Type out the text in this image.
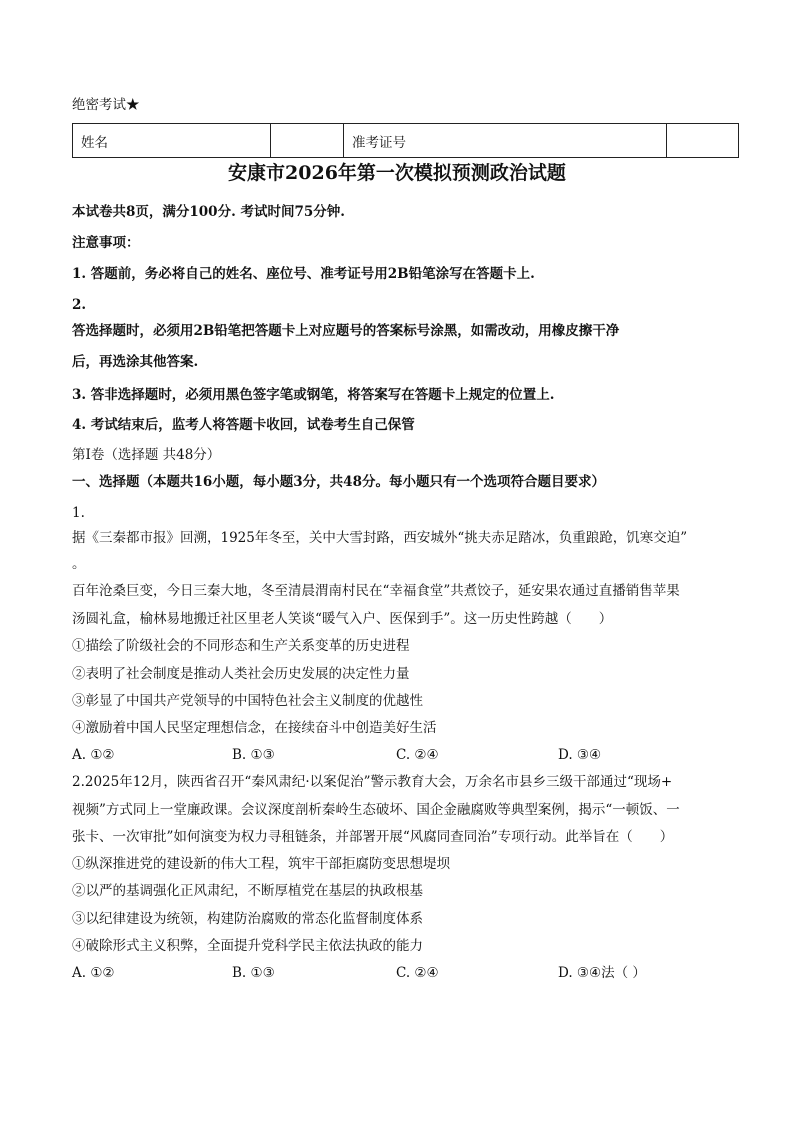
绝密考试★
姓名		准考证号	
安康市2026年第一次模拟预测政治试题
本试卷共8页，满分100分. 考试时间75分钟.
注意事项：
1. 答题前，务必将自己的姓名、座位号、准考证号用2B铅笔涂写在答题卡上.
2.
答选择题时，必须用2B铅笔把答题卡上对应题号的答案标号涂黑，如需改动，用橡皮擦干净
后，再选涂其他答案.
3. 答非选择题时，必须用黑色签字笔或钢笔，将答案写在答题卡上规定的位置上.
4. 考试结束后，监考人将答题卡收回，试卷考生自己保管
第Ⅰ卷（选择题 共48分）
一、选择题（本题共16小题，每小题3分，共48分。每小题只有一个选项符合题目要求）
1.
据《三秦都市报》回溯，1925年冬至，关中大雪封路，西安城外“挑夫赤足踏冰，负重踉跄，饥寒交迫”
。
百年沧桑巨变，今日三秦大地，冬至清晨渭南村民在“幸福食堂”共煮饺子，延安果农通过直播销售苹果
汤圆礼盒，榆林易地搬迁社区里老人笑谈“暖气入户、医保到手”。这一历史性跨越（　　）
①描绘了阶级社会的不同形态和生产关系变革的历史进程
②表明了社会制度是推动人类社会历史发展的决定性力量
③彰显了中国共产党领导的中国特色社会主义制度的优越性
④激励着中国人民坚定理想信念，在接续奋斗中创造美好生活
A. ①②	B. ①③	C. ②④	D. ③④
2.2025年12月，陕西省召开“秦风肃纪·以案促治”警示教育大会，万余名市县乡三级干部通过“现场+
视频”方式同上一堂廉政课。会议深度剖析秦岭生态破坏、国企金融腐败等典型案例，揭示“一顿饭、一
张卡、一次审批”如何演变为权力寻租链条，并部署开展“风腐同查同治”专项行动。此举旨在（　　）
①纵深推进党的建设新的伟大工程，筑牢干部拒腐防变思想堤坝
②以严的基调强化正风肃纪，不断厚植党在基层的执政根基
③以纪律建设为统领，构建防治腐败的常态化监督制度体系
④破除形式主义积弊，全面提升党科学民主依法执政的能力
A. ①②	B. ①③	C. ②④	D. ③④法（ ）
